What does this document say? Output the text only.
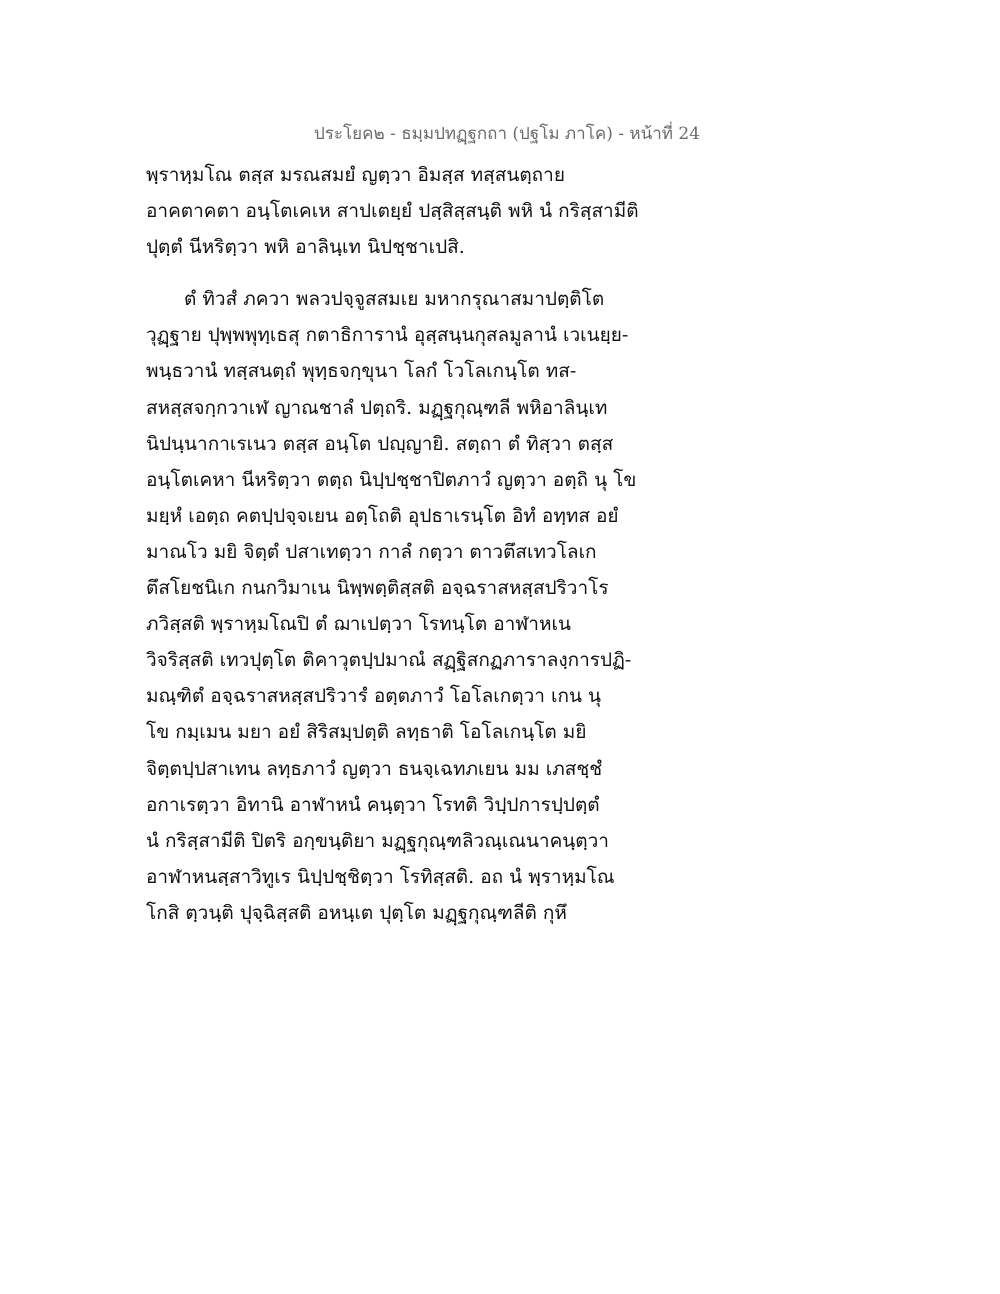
ประโยค๒ - ธมฺมปทฏฺฐกถา (ปฐโม ภาโค) - หน้าที่ 24
พฺราหฺมโณ ตสฺส มรณสมยํ ญตฺวา อิมสฺส ทสฺสนตฺถาย
อาคตาคตา อนฺโตเคเห สาปเตยฺยํ ปสฺสิสฺสนฺติ พหิ นํ กริสฺสามีติ
ปุตฺตํ นีหริตฺวา พหิ อาลินฺเท นิปชฺชาเปสิ.
ตํ ทิวสํ ภควา พลวปจฺจูสสมเย มหากรุณาสมาปตฺติโต
วุฏฺฐาย ปุพฺพพุทฺเธสุ กตาธิการานํ อุสฺสนฺนกุสลมูลานํ เวเนยฺย-
พนฺธวานํ ทสฺสนตฺถํ พุทฺธจกฺขุนา โลกํ โวโลเกนฺโต ทส-
สหสฺสจกฺกวาเฬ ญาณชาลํ ปตฺถริ. มฏฺฐกุณฺฑลี พหิอาลินฺเท
นิปนฺนากาเรเนว ตสฺส อนฺโต ปญฺญายิ. สตฺถา ตํ ทิสฺวา ตสฺส
อนฺโตเคหา นีหริตฺวา ตตฺถ นิปฺปชฺชาปิตภาวํ ญตฺวา อตฺถิ นุ โข
มยฺหํ เอตฺถ คตปฺปจฺจเยน อตฺโถติ อุปธาเรนฺโต อิทํ อทฺทส อยํ
มาณโว มยิ จิตฺตํ ปสาเทตฺวา กาลํ กตฺวา ตาวตึสเทวโลเก
ตึสโยชนิเก กนกวิมาเน นิพฺพตฺติสฺสติ อจฺฉราสหสฺสปริวาโร
ภวิสฺสติ พฺราหฺมโณปิ ตํ ฌาเปตฺวา โรทนฺโต อาฬาหเน
วิจริสฺสติ เทวปุตฺโต ติคาวุตปฺปมาณํ สฏฺฐิสกฏภาราลงฺการปฏิ-
มณฺฑิตํ อจฺฉราสหสฺสปริวารํ อตฺตภาวํ โอโลเกตฺวา เกน นุ
โข กมฺเมน มยา อยํ สิริสมฺปตฺติ ลทฺธาติ โอโลเกนฺโต มยิ
จิตฺตปฺปสาเทน ลทฺธภาวํ ญตฺวา ธนจฺเฉทภเยน มม เภสชฺชํ
อกาเรตฺวา อิทานิ อาฬาหนํ คนฺตฺวา โรทติ วิปฺปการปฺปตฺตํ
นํ กริสฺสามีติ ปิตริ อกฺขนฺติยา มฏฺฐกุณฺฑลิวณฺเณนาคนฺตฺวา
อาฬาหนสฺสาวิทูเร นิปฺปชฺชิตฺวา โรทิสฺสติ. อถ นํ พฺราหฺมโณ
โกสิ ตฺวนฺติ ปุจฺฉิสฺสติ อหนฺเต ปุตฺโต มฏฺฐกุณฺฑลีติ กุหึ
